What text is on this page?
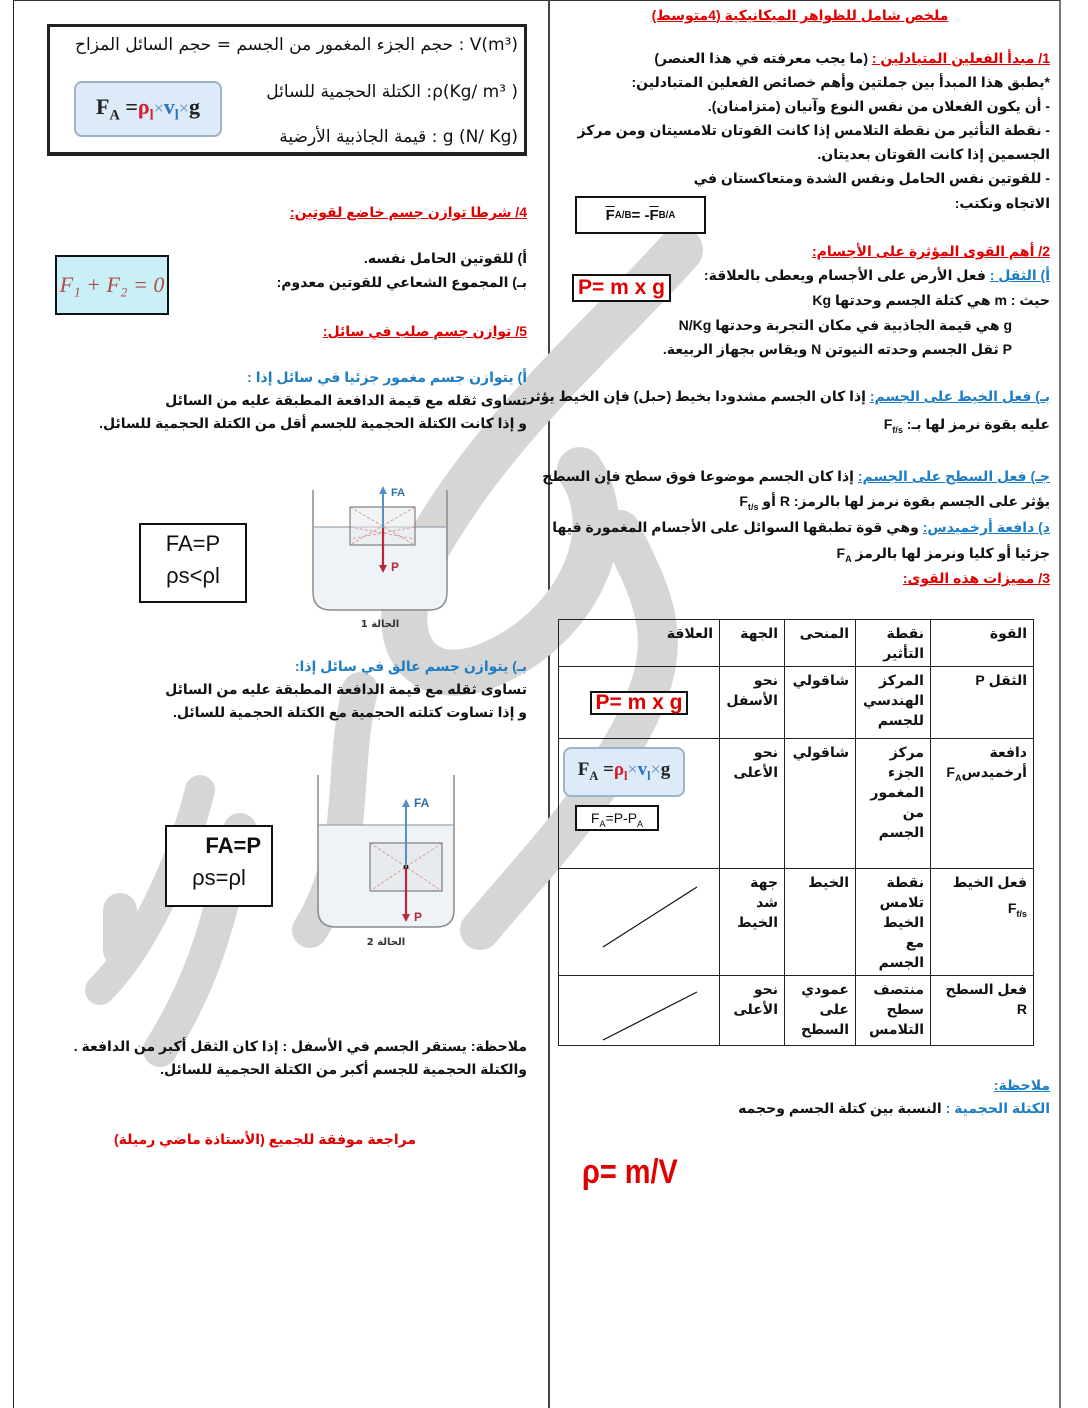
ملخص شامل للظواهر الميكانيكية (4متوسط)
1/ مبدأ الفعلين المتبادلين : (ما يجب معرفته في هذا العنصر)
*يطبق هذا المبدأ بين جملتين وأهم خصائص الفعلين المتبادلين:
- أن يكون الفعلان من نفس النوع وآنيان (متزامنان).
- نقطة التأثير من نقطة التلامس إذا كانت القوتان تلامسيتان ومن مركز
الجسمين إذا كانت القوتان بعديتان.
- للقوتين نفس الحامل ونفس الشدة ومتعاكستان في
الاتجاه ونكتب:
$\overline{F}$ A/B = - $\overline{F}$ B/A
2/ أهم القوى المؤثرة على الأجسام:
أ) الثقل : فعل الأرض على الأجسام ويعطى بالعلاقة:
حيث : m هي كتلة الجسم وحدتها Kg
g هي قيمة الجاذبية في مكان التجربة وحدتها N/Kg
P ثقل الجسم وحدته النيوتن N ويقاس بجهاز الربيعة.
P= m x g
بـ) فعل الخيط على الجسم: إذا كان الجسم مشدودا بخيط (حبل) فإن الخيط يؤثر
عليه بقوة نرمز لها بـ: $F_{f/s}$
جـ) فعل السطح على الجسم: إذا كان الجسم موضوعا فوق سطح فإن السطح
يؤثر على الجسم بقوة نرمز لها بالرمز: R أو $F_{t/s}$
د) دافعة أرخميدس: وهي قوة تطبقها السوائل على الأجسام المغمورة فيها
جزئيا أو كليا ونرمز لها بالرمز $F_A$
3/ مميزات هذه القوى:
القوة	نقطة التأثير	المنحى	الجهة	العلاقة
الثقل P	المركز الهندسي للجسم	شاقولي	نحو الأسفل	P= m x g
دافعة أرخميدسF$_A$	مركز الجزء المغمور من الجسم	شاقولي	نحو الأعلى	$F_A =\rho_l\times v_l\times g$
$F_A=P-P_A$

فعل الخيط
$F_{f/s}$	نقطة تلامس الخيط مع الجسم	الخيط	جهة شد الخيط	

فعل السطح
R	منتصف سطح التلامس	عمودي على السطح	نحو الأعلى	
ملاحظة:
الكتلة الحجمية : النسبة بين كتلة الجسم وحجمه
ρ= m/V
V(m³) : حجم الجزء المغمور من الجسم = حجم السائل المزاح
ρ(Kg/ m³ ): الكتلة الحجمية للسائل
g (N/ Kg) : قيمة الجاذبية الأرضية
$F_A =\rho_l\times v_l\times g$
4/ شرطا توازن جسم خاضع لقوتين:
أ) للقوتين الحامل نفسه.
بـ) المجموع الشعاعي للقوتين معدوم:
F₁ + F₂ = 0
5/ توازن جسم صلب في سائل:
أ) يتوازن جسم مغمور جزئيا في سائل إذا :
تساوى ثقله مع قيمة الدافعة المطبقة عليه من السائل
و إذا كانت الكتلة الحجمية للجسم أقل من الكتلة الحجمية للسائل.
FA=P
ρs<ρl
FA
P
الحالة 1
بـ) يتوازن جسم عالق في سائل إذا:
تساوى ثقله مع قيمة الدافعة المطبقة عليه من السائل
و إذا تساوت كتلته الحجمية مع الكتلة الحجمية للسائل.
FA=P
ρs=ρl
FA
P
الحالة 2
ملاحظة: يستقر الجسم في الأسفل : إذا كان الثقل أكبر من الدافعة .
والكتلة الحجمية للجسم أكبر من الكتلة الحجمية للسائل.
مراجعة موفقة للجميع (الأستاذة ماضي رميلة)
